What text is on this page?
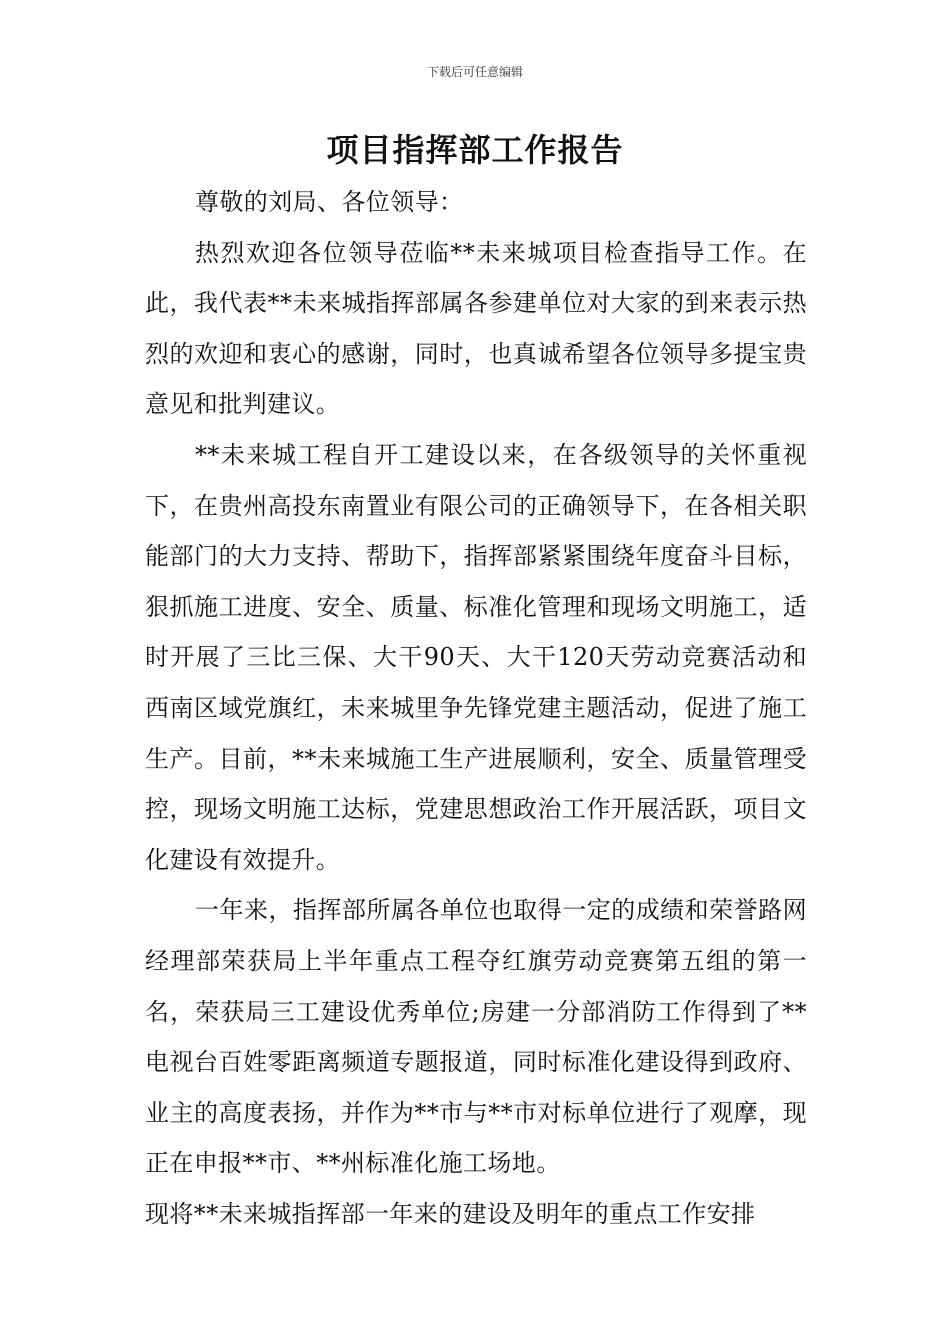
下载后可任意编辑
项目指挥部工作报告

尊敬的刘局、各位领导：

热烈欢迎各位领导莅临**未来城项目检查指导工作。在此，我代表**未来城指挥部属各参建单位对大家的到来表示热烈的欢迎和衷心的感谢，同时，也真诚希望各位领导多提宝贵意见和批判建议。

**未来城工程自开工建设以来，在各级领导的关怀重视下，在贵州高投东南置业有限公司的正确领导下，在各相关职能部门的大力支持、帮助下，指挥部紧紧围绕年度奋斗目标，狠抓施工进度、安全、质量、标准化管理和现场文明施工，适时开展了三比三保、大干90天、大干120天劳动竞赛活动和西南区域党旗红，未来城里争先锋党建主题活动，促进了施工生产。目前，**未来城施工生产进展顺利，安全、质量管理受控，现场文明施工达标，党建思想政治工作开展活跃，项目文化建设有效提升。

一年来，指挥部所属各单位也取得一定的成绩和荣誉路网经理部荣获局上半年重点工程夺红旗劳动竞赛第五组的第一名，荣获局三工建设优秀单位;房建一分部消防工作得到了**电视台百姓零距离频道专题报道，同时标准化建设得到政府、业主的高度表扬，并作为**市与**市对标单位进行了观摩，现正在申报**市、**州标准化施工场地。

现将**未来城指挥部一年来的建设及明年的重点工作安排
